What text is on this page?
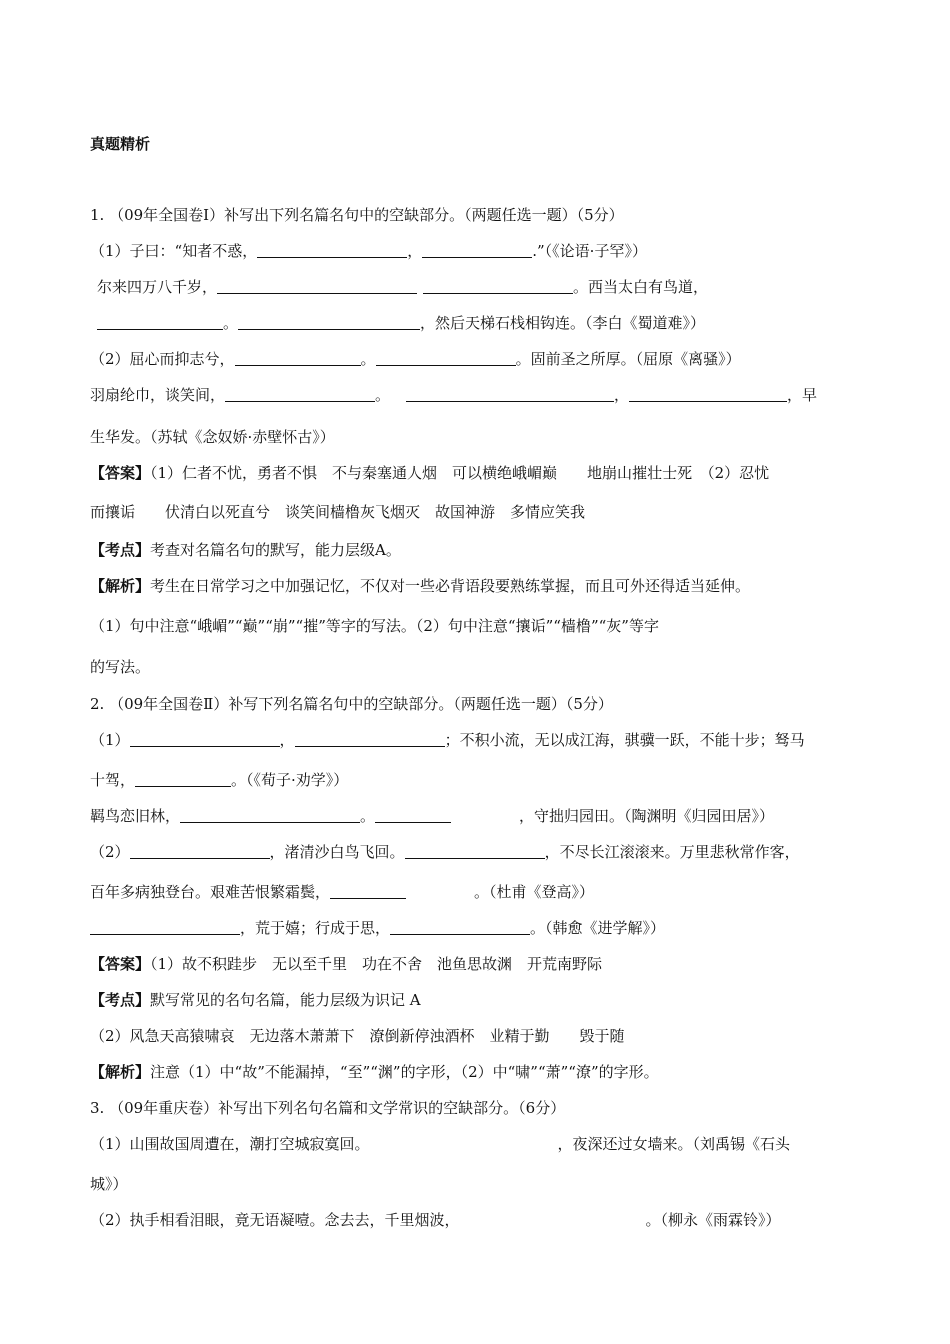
真题精析
1. （09年全国卷Ⅰ）补写出下列名篇名句中的空缺部分。（两题任选一题）（5分）
（1）子曰：“知者不惑，	，	.”（《论语·子罕》）
尔来四万八千岁，	。西当太白有鸟道，
。	，然后天梯石栈相钩连。（李白《蜀道难》）
（2）屈心而抑志兮，	。	。固前圣之所厚。（屈原《离骚》）
羽扇纶巾，谈笑间，	。	，	，早
生华发。（苏轼《念奴娇·赤壁怀古》）
【答案】（1）仁者不忧，勇者不惧　不与秦塞通人烟　可以横绝峨嵋巅　　地崩山摧壮士死　（2）忍忧
而攘诟　　伏清白以死直兮　谈笑间樯橹灰飞烟灭　故国神游　多情应笑我
【考点】考查对名篇名句的默写，能力层级A。
【解析】考生在日常学习之中加强记忆，不仅对一些必背语段要熟练掌握，而且可外还得适当延伸。
（1）句中注意“峨嵋”“巅”“崩”“摧”等字的写法。（2）句中注意“攘诟”“樯橹”“灰”等字
的写法。
2. （09年全国卷Ⅱ）补写下列名篇名句中的空缺部分。（两题任选一题）（5分）
（1）	，	；不积小流，无以成江海，骐骥一跃，不能十步；驽马
十驾，	。（《荀子·劝学》）
羁鸟恋旧林，	。	，守拙归园田。（陶渊明《归园田居》）
（2）	，渚清沙白鸟飞回。	，不尽长江滚滚来。万里悲秋常作客，
百年多病独登台。艰难苦恨繁霜鬓，	。（杜甫《登高》）
，荒于嬉；行成于思，	。（韩愈《进学解》）
【答案】（1）故不积跬步　无以至千里　功在不舍　池鱼思故渊　开荒南野际
【考点】默写常见的名句名篇，能力层级为识记 A
（2）风急天高猿啸哀　无边落木萧萧下　潦倒新停浊酒杯　业精于勤　　毁于随
【解析】注意（1）中“故”不能漏掉，“至”“渊”的字形，（2）中“啸”“萧”“潦”的字形。
3. （09年重庆卷）补写出下列名句名篇和文学常识的空缺部分。（6分）
（1）山围故国周遭在，潮打空城寂寞回。	，夜深还过女墙来。（刘禹锡《石头
城》）
（2）执手相看泪眼，竟无语凝噎。念去去，千里烟波，	。（柳永《雨霖铃》）
